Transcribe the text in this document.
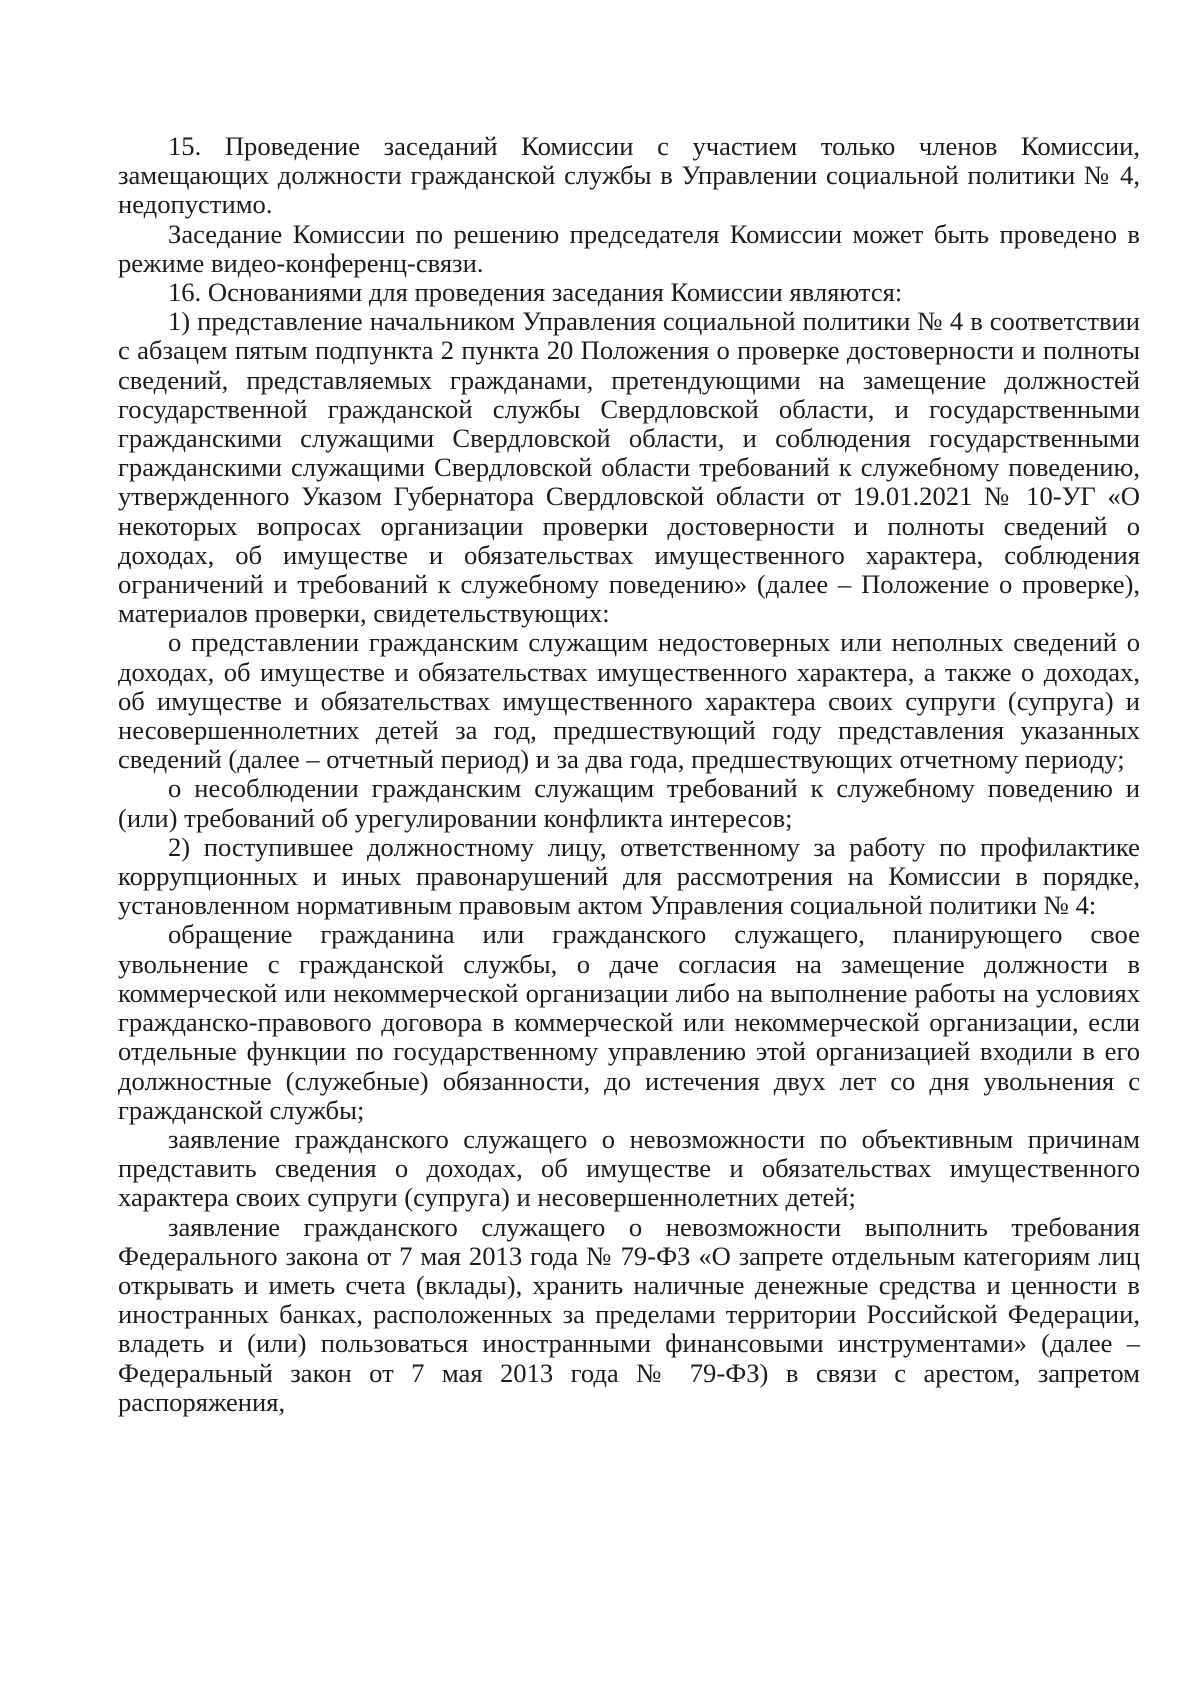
15. Проведение заседаний Комиссии с участием только членов Комиссии, замещающих должности гражданской службы в Управлении социальной политики № 4, недопустимо.

Заседание Комиссии по решению председателя Комиссии может быть проведено в режиме видео-конференц-связи.

16. Основаниями для проведения заседания Комиссии являются:

1) представление начальником Управления социальной политики № 4 в соответствии с абзацем пятым подпункта 2 пункта 20 Положения о проверке достоверности и полноты сведений, представляемых гражданами, претендующими на замещение должностей государственной гражданской службы Свердловской области, и государственными гражданскими служащими Свердловской области, и соблюдения государственными гражданскими служащими Свердловской области требований к служебному поведению, утвержденного Указом Губернатора Свердловской области от 19.01.2021 № 10-УГ «О некоторых вопросах организации проверки достоверности и полноты сведений о доходах, об имуществе и обязательствах имущественного характера, соблюдения ограничений и требований к служебному поведению» (далее – Положение о проверке), материалов проверки, свидетельствующих:

о представлении гражданским служащим недостоверных или неполных сведений о доходах, об имуществе и обязательствах имущественного характера, а также о доходах, об имуществе и обязательствах имущественного характера своих супруги (супруга) и несовершеннолетних детей за год, предшествующий году представления указанных сведений (далее – отчетный период) и за два года, предшествующих отчетному периоду;

о несоблюдении гражданским служащим требований к служебному поведению и (или) требований об урегулировании конфликта интересов;

2) поступившее должностному лицу, ответственному за работу по профилактике коррупционных и иных правонарушений для рассмотрения на Комиссии в порядке, установленном нормативным правовым актом Управления социальной политики № 4:

обращение гражданина или гражданского служащего, планирующего свое увольнение с гражданской службы, о даче согласия на замещение должности в коммерческой или некоммерческой организации либо на выполнение работы на условиях гражданско-правового договора в коммерческой или некоммерческой организации, если отдельные функции по государственному управлению этой организацией входили в его должностные (служебные) обязанности, до истечения двух лет со дня увольнения с гражданской службы;

заявление гражданского служащего о невозможности по объективным причинам представить сведения о доходах, об имуществе и обязательствах имущественного характера своих супруги (супруга) и несовершеннолетних детей;

заявление гражданского служащего о невозможности выполнить требования Федерального закона от 7 мая 2013 года № 79-ФЗ «О запрете отдельным категориям лиц открывать и иметь счета (вклады), хранить наличные денежные средства и ценности в иностранных банках, расположенных за пределами территории Российской Федерации, владеть и (или) пользоваться иностранными финансовыми инструментами» (далее – Федеральный закон от 7 мая 2013 года № 79-ФЗ) в связи с арестом, запретом распоряжения,
